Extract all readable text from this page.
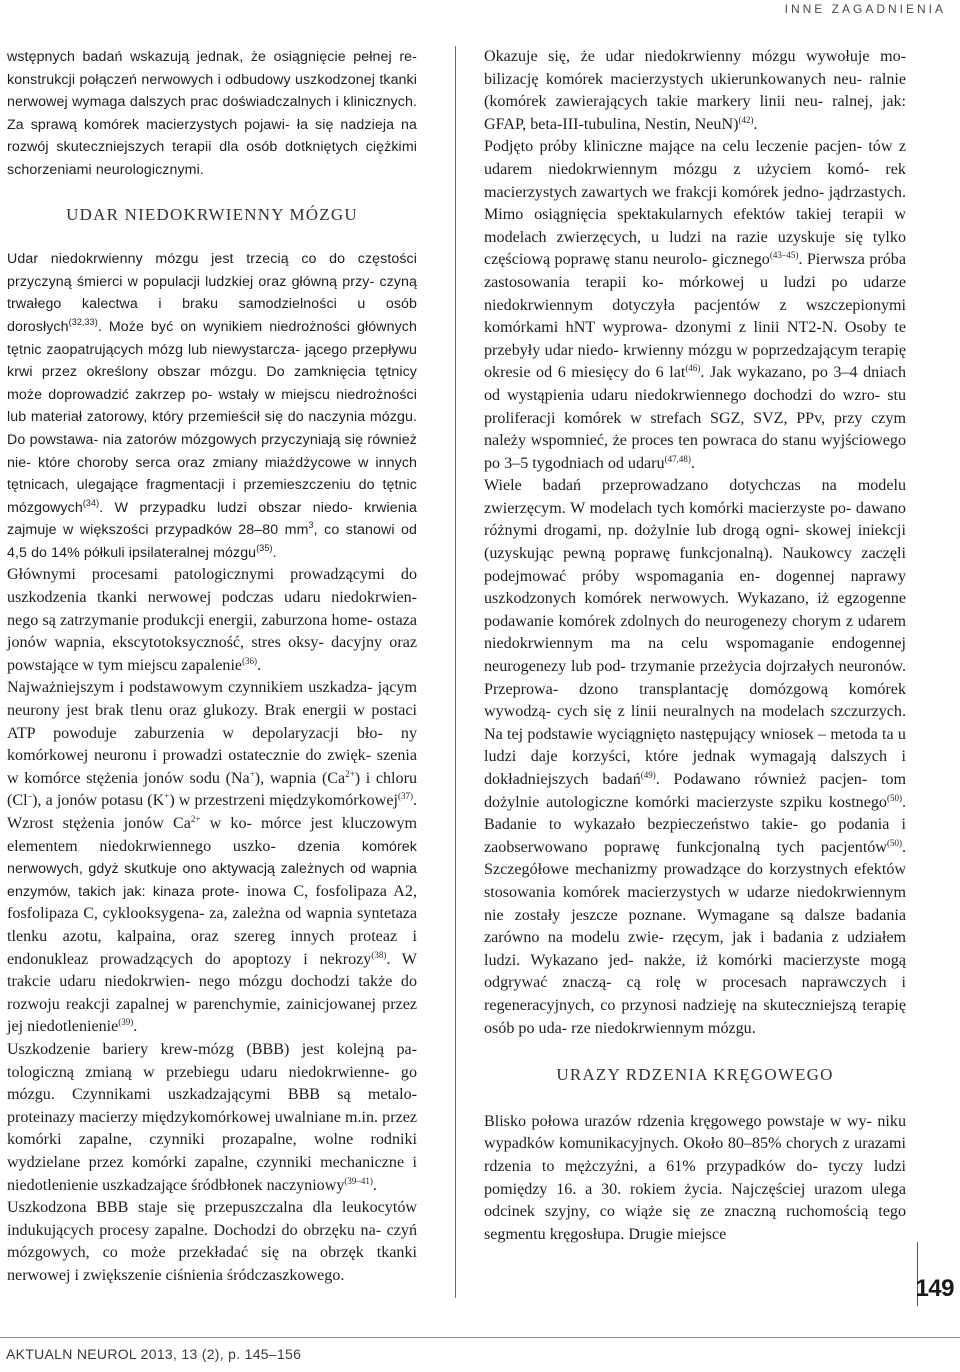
INNE ZAGADNIENIA

wstępnych badań wskazują jednak, że osiągnięcie pełnej re- konstrukcji połączeń nerwowych i odbudowy uszkodzonej tkanki nerwowej wymaga dalszych prac doświadczalnych i klinicznych. Za sprawą komórek macierzystych pojawi- ła się nadzieja na rozwój skuteczniejszych terapii dla osób dotkniętych ciężkimi schorzeniami neurologicznymi.

UDAR NIEDOKRWIENNY MÓZGU

Udar niedokrwienny mózgu jest trzecią co do częstości przyczyną śmierci w populacji ludzkiej oraz główną przy- czyną trwałego kalectwa i braku samodzielności u osób dorosłych$^{(32,33)}$. Może być on wynikiem niedrożności głównych tętnic zaopatrujących mózg lub niewystarcza- jącego przepływu krwi przez określony obszar mózgu. Do zamknięcia tętnicy może doprowadzić zakrzep po- wstały w miejscu niedrożności lub materiał zatorowy, który przemieścił się do naczynia mózgu. Do powstawa- nia zatorów mózgowych przyczyniają się również nie- które choroby serca oraz zmiany miażdżycowe w innych tętnicach, ulegające fragmentacji i przemieszczeniu do tętnic mózgowych$^{(34)}$. W przypadku ludzi obszar niedo- krwienia zajmuje w większości przypadków 28–80 $mm^3$, co stanowi od 4,5 do 14% półkuli ipsilateralnej mózgu$^{(35)}$.

Głównymi procesami patologicznymi prowadzącymi do uszkodzenia tkanki nerwowej podczas udaru niedokrwien- nego są zatrzymanie produkcji energii, zaburzona home- ostaza jonów wapnia, ekscytotoksyczność, stres oksy- dacyjny oraz powstające w tym miejscu zapalenie$^{(36)}$.

Najważniejszym i podstawowym czynnikiem uszkadza- jącym neurony jest brak tlenu oraz glukozy. Brak energii w postaci ATP powoduje zaburzenia w depolaryzacji bło- ny komórkowej neuronu i prowadzi ostatecznie do zwięk- szenia w komórce stężenia jonów sodu (Na+), wapnia $(Ca^{2+})$ i chloru (Cl–), a jonów potasu (K+) w przestrzeni międzykomórkowej$^{(37)}$. Wzrost stężenia jonów $Ca^{2+}$ w ko- mórce jest kluczowym elementem niedokrwiennego uszko- dzenia komórek nerwowych, gdyż skutkuje ono aktywacją zależnych od wapnia enzymów, takich jak: kinaza prote- inowa C, fosfolipaza A2, fosfolipaza C, cyklooksygena- za, zależna od wapnia syntetaza tlenku azotu, kalpaina, oraz szereg innych proteaz i endonukleaz prowadzących do apoptozy i nekrozy$^{(38)}$. W trakcie udaru niedokrwien- nego mózgu dochodzi także do rozwoju reakcji zapalnej w parenchymie, zainicjowanej przez jej niedotlenienie$^{(39)}$.

Uszkodzenie bariery krew-mózg (BBB) jest kolejną pa- tologiczną zmianą w przebiegu udaru niedokrwienne- go mózgu. Czynnikami uszkadzającymi BBB są metalo- proteinazy macierzy międzykomórkowej uwalniane m.in. przez komórki zapalne, czynniki prozapalne, wolne rodniki wydzielane przez komórki zapalne, czynniki mechaniczne i niedotlenienie uszkadzające śródbłonek naczyniowy$^{(39-41)}$.

Uszkodzona BBB staje się przepuszczalna dla leukocytów indukujących procesy zapalne. Dochodzi do obrzęku na- czyń mózgowych, co może przekładać się na obrzęk tkanki nerwowej i zwiększenie ciśnienia śródczaszkowego.

Okazuje się, że udar niedokrwienny mózgu wywołuje mo- bilizację komórek macierzystych ukierunkowanych neu- ralnie (komórek zawierających takie markery linii neu- ralnej, jak: GFAP, beta-III-tubulina, Nestin, NeuN)$^{(42)}$.

Podjęto próby kliniczne mające na celu leczenie pacjen- tów z udarem niedokrwiennym mózgu z użyciem komó- rek macierzystych zawartych we frakcji komórek jedno- jądrzastych. Mimo osiągnięcia spektakularnych efektów takiej terapii w modelach zwierzęcych, u ludzi na razie uzyskuje się tylko częściową poprawę stanu neurolo- gicznego$^{(43-45)}$. Pierwsza próba zastosowania terapii ko- mórkowej u ludzi po udarze niedokrwiennym dotyczyła pacjentów z wszczepionymi komórkami hNT wyprowa- dzonymi z linii NT2-N. Osoby te przebyły udar niedo- krwienny mózgu w poprzedzającym terapię okresie od 6 miesięcy do 6 lat$^{(46)}$. Jak wykazano, po 3–4 dniach od wystąpienia udaru niedokrwiennego dochodzi do wzro- stu proliferacji komórek w strefach SGZ, SVZ, PPv, przy czym należy wspomnieć, że proces ten powraca do stanu wyjściowego po 3–5 tygodniach od udaru$^{(47,48)}$.

Wiele badań przeprowadzano dotychczas na modelu zwierzęcym. W modelach tych komórki macierzyste po- dawano różnymi drogami, np. dożylnie lub drogą ogni- skowej iniekcji (uzyskując pewną poprawę funkcjonalną). Naukowcy zaczęli podejmować próby wspomagania en- dogennej naprawy uszkodzonych komórek nerwowych. Wykazano, iż egzogenne podawanie komórek zdolnych do neurogenezy chorym z udarem niedokrwiennym ma na celu wspomaganie endogennej neurogenezy lub pod- trzymanie przeżycia dojrzałych neuronów. Przeprowa- dzono transplantację domózgową komórek wywodzą- cych się z linii neuralnych na modelach szczurzych. Na tej podstawie wyciągnięto następujący wniosek – metoda ta u ludzi daje korzyści, które jednak wymagają dalszych i dokładniejszych badań$^{(49)}$. Podawano również pacjen- tom dożylnie autologiczne komórki macierzyste szpiku kostnego$^{(50)}$. Badanie to wykazało bezpieczeństwo takie- go podania i zaobserwowano poprawę funkcjonalną tych pacjentów$^{(50)}$. Szczegółowe mechanizmy prowadzące do korzystnych efektów stosowania komórek macierzystych w udarze niedokrwiennym nie zostały jeszcze poznane. Wymagane są dalsze badania zarówno na modelu zwie- rzęcym, jak i badania z udziałem ludzi. Wykazano jed- nakże, iż komórki macierzyste mogą odgrywać znaczą- cą rolę w procesach naprawczych i regeneracyjnych, co przynosi nadzieję na skuteczniejszą terapię osób po uda- rze niedokrwiennym mózgu.

URAZY RDZENIA KRĘGOWEGO

Blisko połowa urazów rdzenia kręgowego powstaje w wy- niku wypadków komunikacyjnych. Około 80–85% chorych z urazami rdzenia to mężczyźni, a 61% przypadków do- tyczy ludzi pomiędzy 16. a 30. rokiem życia. Najczęściej urazom ulega odcinek szyjny, co wiąże się ze znaczną ruchomością tego segmentu kręgosłupa. Drugie miejsce

149
AKTUALN NEUROL 2013, 13 (2), p. 145–156
